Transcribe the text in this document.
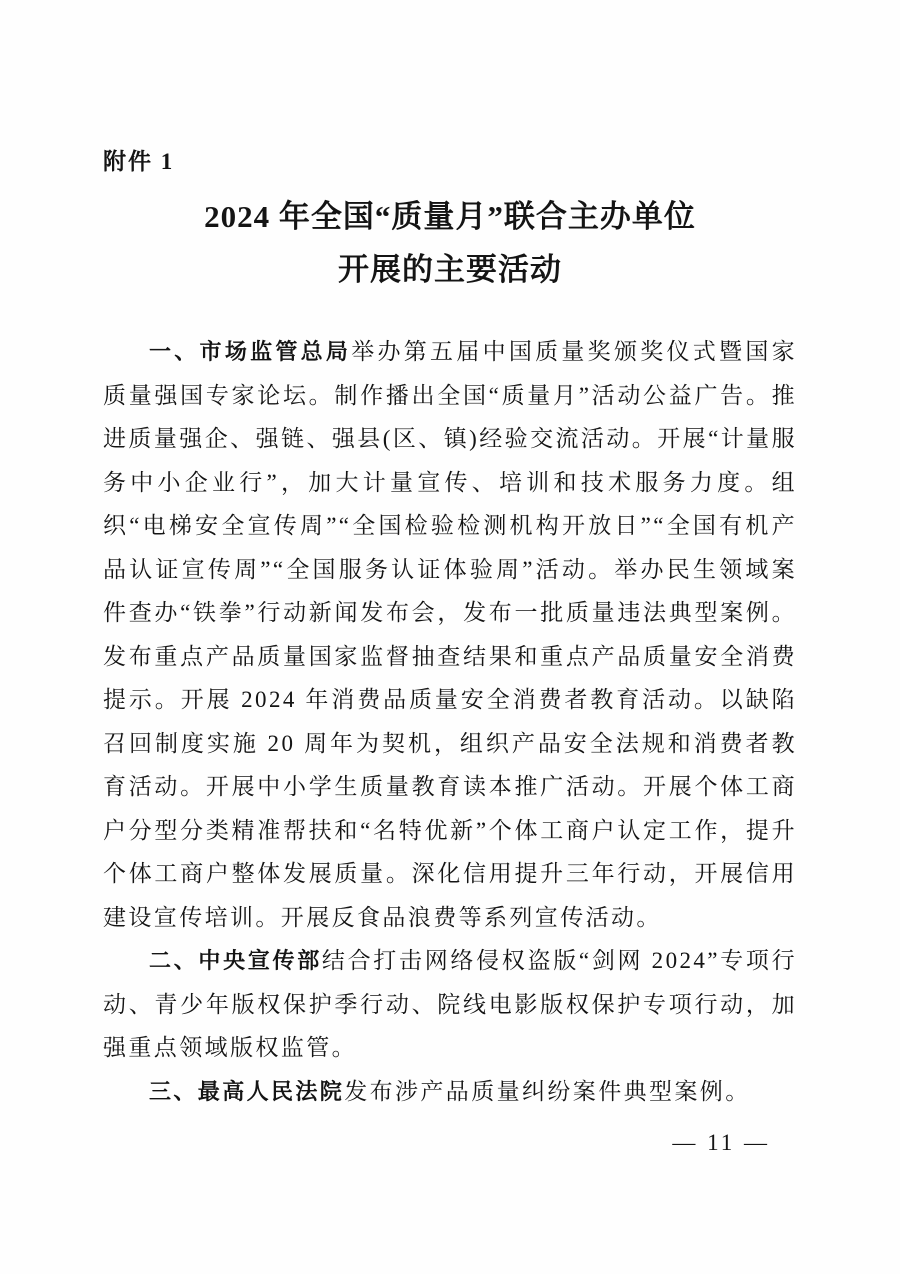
附件 1
2024 年全国“质量月”联合主办单位
开展的主要活动

一、市场监管总局举办第五届中国质量奖颁奖仪式暨国家质量强国专家论坛。制作播出全国“质量月”活动公益广告。推进质量强企、强链、强县(区、镇)经验交流活动。开展“计量服务中小企业行”，加大计量宣传、培训和技术服务力度。组织“电梯安全宣传周”“全国检验检测机构开放日”“全国有机产品认证宣传周”“全国服务认证体验周”活动。举办民生领域案件查办“铁拳”行动新闻发布会，发布一批质量违法典型案例。发布重点产品质量国家监督抽查结果和重点产品质量安全消费提示。开展 2024 年消费品质量安全消费者教育活动。以缺陷召回制度实施 20 周年为契机，组织产品安全法规和消费者教育活动。开展中小学生质量教育读本推广活动。开展个体工商户分型分类精准帮扶和“名特优新”个体工商户认定工作，提升个体工商户整体发展质量。深化信用提升三年行动，开展信用建设宣传培训。开展反食品浪费等系列宣传活动。

二、中央宣传部结合打击网络侵权盗版“剑网 2024”专项行动、青少年版权保护季行动、院线电影版权保护专项行动，加强重点领域版权监管。

三、最高人民法院发布涉产品质量纠纷案件典型案例。

— 11 —
